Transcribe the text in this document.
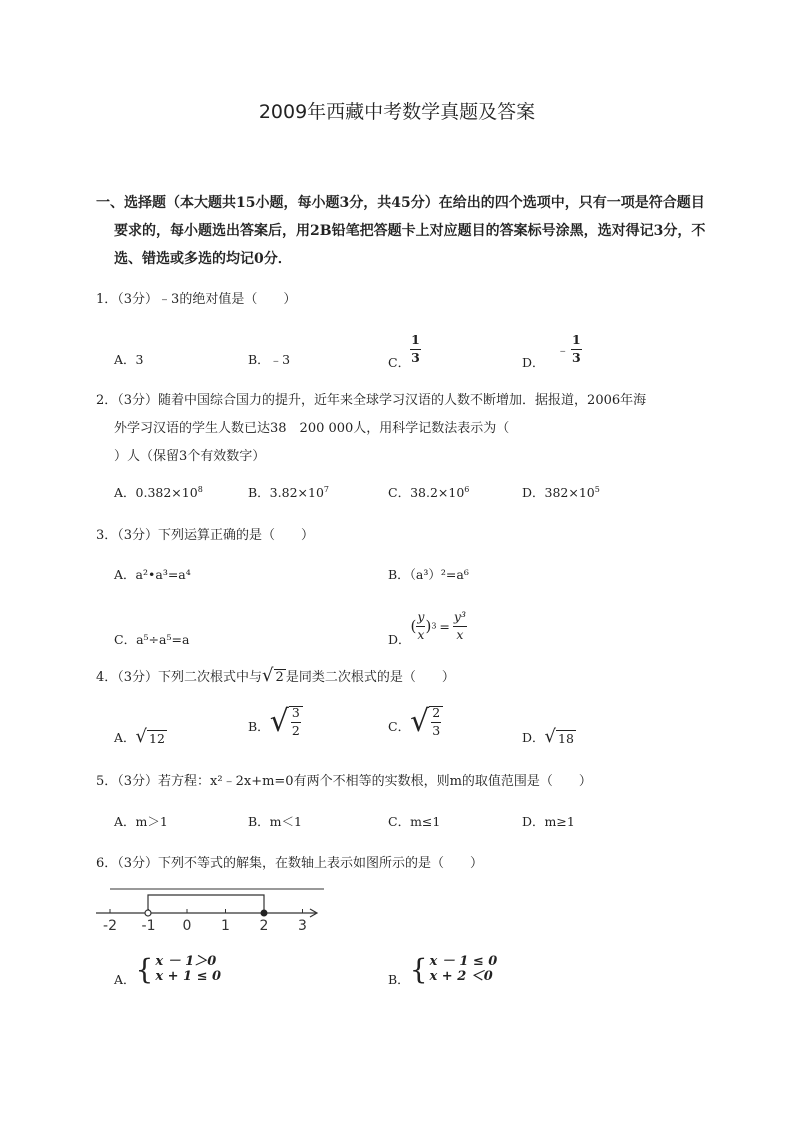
2009年西藏中考数学真题及答案
一、选择题（本大题共15小题，每小题3分，共45分）在给出的四个选项中，只有一项是符合题目
要求的，每小题选出答案后，用2B铅笔把答题卡上对应题目的答案标号涂黑，选对得记3分，不
选、错选或多选的均记0分．
1．（3分）﹣3的绝对值是（　　）
A．3	B．﹣3	C． $\frac{1}{3}$	D．﹣ $\frac{1}{3}$
2．（3分）随着中国综合国力的提升，近年来全球学习汉语的人数不断增加．据报道，2006年海
外学习汉语的学生人数已达38　200 000人，用科学记数法表示为（
）人（保留3个有效数字）
A．$0.382\times 10^8$	B．$3.82\times 10^7$	C．$38.2\times 10^6$	D．$382\times 10^5$
3．（3分）下列运算正确的是（　　）
A．a²•a³=a⁴	B．（a³）²=a⁶
C．a⁵÷a⁵=a	D．( $\frac{y}{x} )3 = \frac{\text{y³}}{x}$
4．（3分）下列二次根式中与 √ 2 是同类二次根式的是（　　）
A． √ 12
B． √ $\frac{3}{2}$	C． √ $\frac{2}{3}$
D． √ 18
5．（3分）若方程：x²﹣2x+m=0有两个不相等的实数根，则m的取值范围是（　　）
A．m＞1	B．m＜1	C．m≤1	D．m≥1
6．（3分）下列不等式的解集，在数轴上表示如图所示的是（　　）
-2 -1 0 1 2 3
A． { x － 1＞0
x + 1 ≤ 0	B． { x － 1 ≤ 0
x + 2 ＜0
